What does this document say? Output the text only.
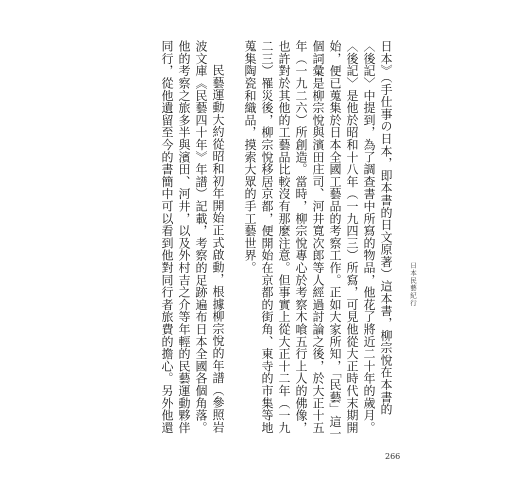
日本》（手仕事の日本，即本書的日文原著）這本書，柳宗悅在本書的
〈後記〉中提到，為了調查書中所寫的物品，他花了將近二十年的歲月。
〈後記〉是他於昭和十八年（一九四三）所寫，可見他從大正時代末期開
始，便已蒐集於日本全國工藝品的考察工作。正如大家所知，「民藝」這一
個詞彙是柳宗悅與濱田庄司、河井寬次郎等人經過討論之後，於大正十五
年（一九二六）所創造。當時，柳宗悅專心於考察木喰五行上人的佛像，
也許對於其他的工藝品比較沒有那麼注意。但事實上從大正十二年（一九
二三）罹災後，柳宗悅移居京都，便開始在京都的街角、東寺的市集等地
蒐集陶瓷和織品，摸索大眾的手工藝世界。
民藝運動大約從昭和初年開始正式啟動，根據柳宗悅的年譜（參照岩
波文庫《民藝四十年》年譜）記載，考察的足跡遍布日本全國各個角落。
他的考察之旅多半與濱田、河井，以及外村吉之介等年輕的民藝運動夥伴
同行，從他遺留至今的書簡中可以看到他對同行者旅費的擔心。另外他還	日本民藝紀行
266
